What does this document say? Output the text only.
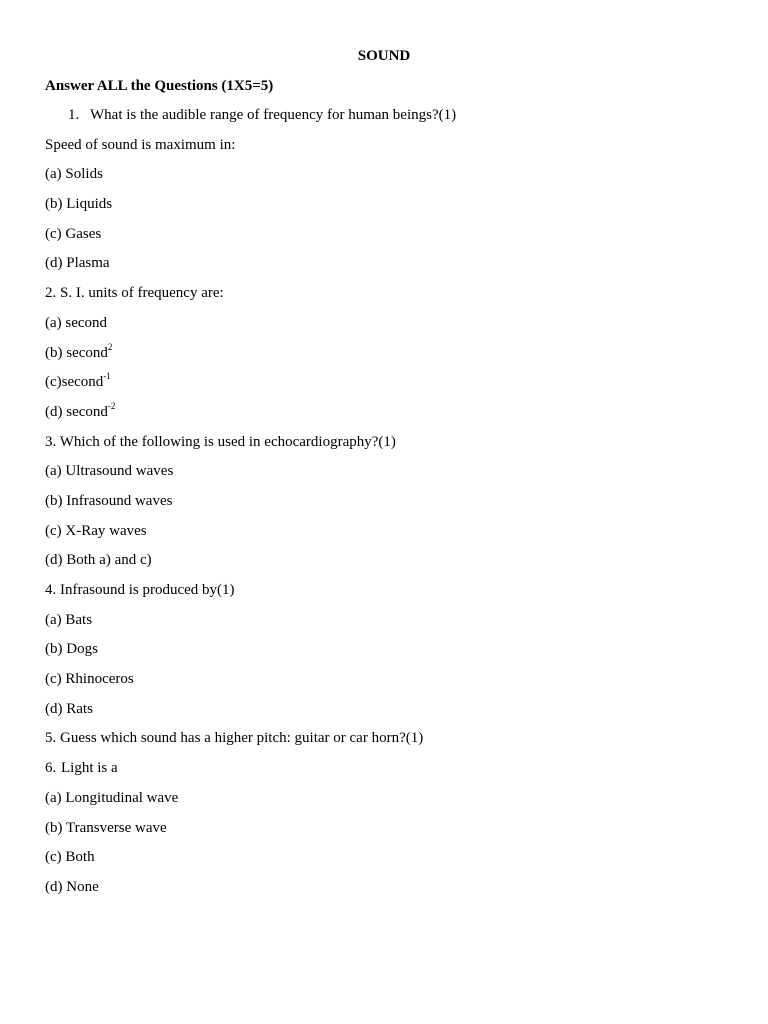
SOUND
Answer ALL the Questions (1X5=5)
1. What is the audible range of frequency for human beings?(1)
Speed of sound is maximum in:
(a) Solids
(b) Liquids
(c) Gases
(d) Plasma
2. S. I. units of frequency are:
(a) second
(b) second$^2$
(c)second$^{-1}$
(d) second$^{-2}$
3. Which of the following is used in echocardiography?(1)
(a) Ultrasound waves
(b) Infrasound waves
(c) X-Ray waves
(d) Both a) and c)
4. Infrasound is produced by(1)
(a) Bats
(b) Dogs
(c) Rhinoceros
(d) Rats
5. Guess which sound has a higher pitch: guitar or car horn?(1)
6. Light is a
(a) Longitudinal wave
(b) Transverse wave
(c) Both
(d) None
